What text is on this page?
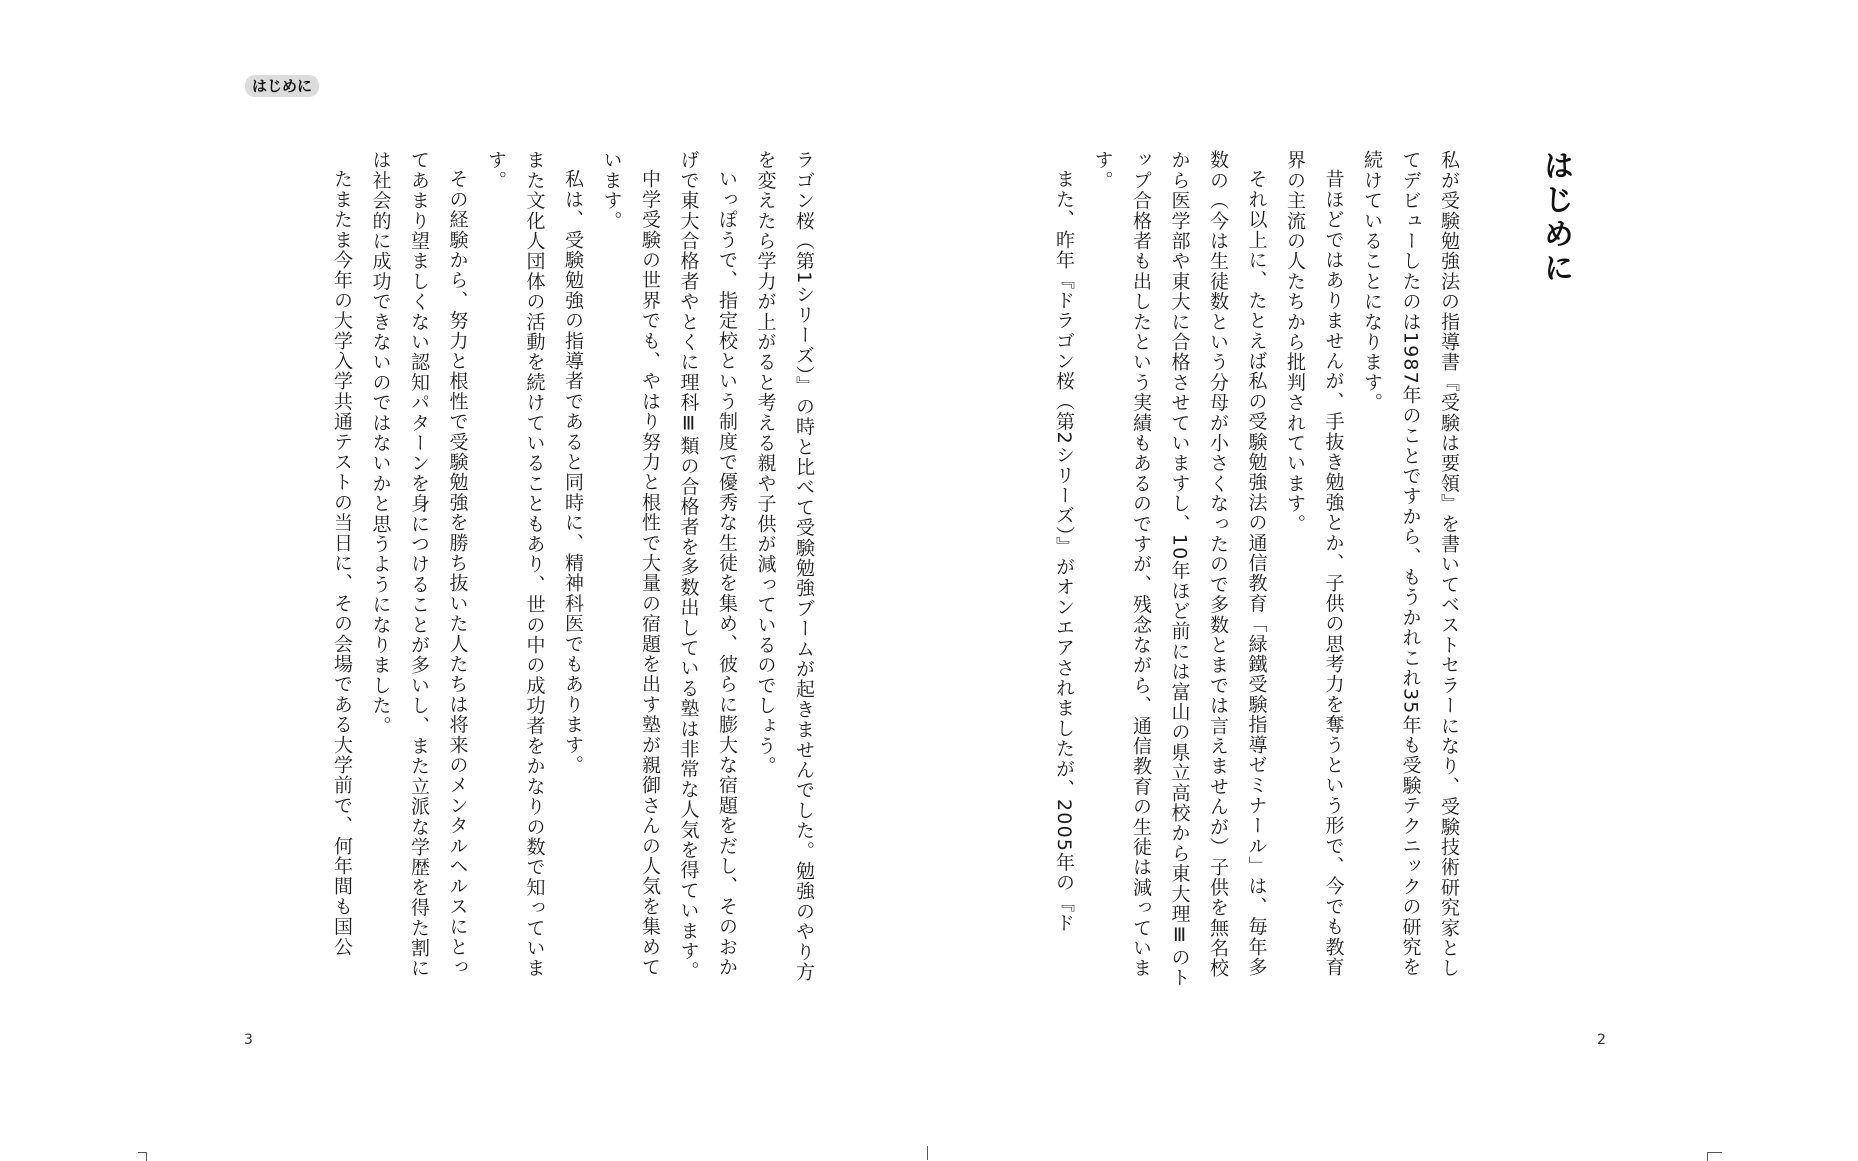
はじめに
はじめに

私が受験勉強法の指導書『受験は要領』を書いてベストセラーになり、受験技術研究家としてデビューしたのは1987年のことですから、もうかれこれ35年も受験テクニックの研究を続けていることになります。

昔ほどではありませんが、手抜き勉強とか、子供の思考力を奪うという形で、今でも教育界の主流の人たちから批判されています。

それ以上に、たとえば私の受験勉強法の通信教育「緑鐵受験指導ゼミナール」は、毎年多数の（今は生徒数という分母が小さくなったので多数とまでは言えませんが）子供を無名校から医学部や東大に合格させていますし、10年ほど前には富山の県立高校から東大理Ⅲのトップ合格者も出したという実績もあるのですが、残念ながら、通信教育の生徒は減っています。

また、昨年『ドラゴン桜（第2シリーズ）』がオンエアされましたが、2005年の『ド

ラゴン桜（第1シリーズ）』の時と比べて受験勉強ブームが起きませんでした。勉強のやり方を変えたら学力が上がると考える親や子供が減っているのでしょう。

いっぽうで、指定校という制度で優秀な生徒を集め、彼らに膨大な宿題をだし、そのおかげで東大合格者やとくに理科Ⅲ類の合格者を多数出している塾は非常な人気を得ています。

中学受験の世界でも、やはり努力と根性で大量の宿題を出す塾が親御さんの人気を集めています。

私は、受験勉強の指導者であると同時に、精神科医でもあります。

また文化人団体の活動を続けていることもあり、世の中の成功者をかなりの数で知っています。

その経験から、努力と根性で受験勉強を勝ち抜いた人たちは将来のメンタルヘルスにとってあまり望ましくない認知パターンを身につけることが多いし、また立派な学歴を得た割には社会的に成功できないのではないかと思うようになりました。

たまたま今年の大学入学共通テストの当日に、その会場である大学前で、何年間も国公

3	2
